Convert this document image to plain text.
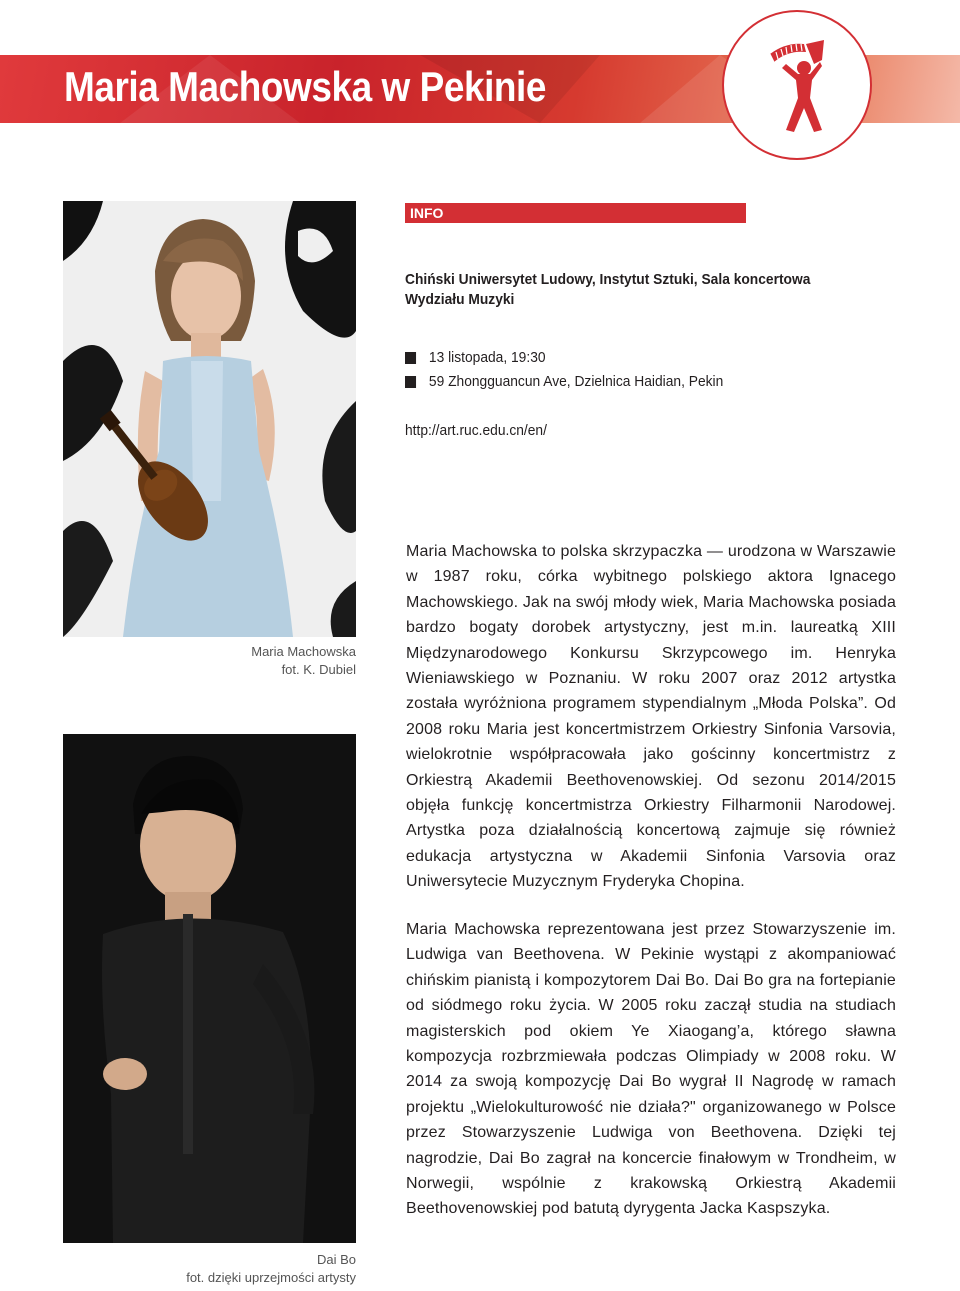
Maria Machowska w Pekinie
INFO
Chiński Uniwersytet Ludowy, Instytut Sztuki, Sala koncertowa Wydziału Muzyki
13 listopada, 19:30
59 Zhongguancun Ave, Dzielnica Haidian, Pekin
http://art.ruc.edu.cn/en/
Maria Machowska
fot. K. Dubiel
Dai Bo
fot. dzięki uprzejmości artysty

Maria Machowska to polska skrzypaczka — urodzona w Warszawie w 1987 roku, córka wybitnego polskiego aktora Ignacego Machowskiego. Jak na swój młody wiek, Maria Machowska posiada bardzo bogaty dorobek artystyczny, jest m.in. laureatką XIII Międzynarodowego Konkursu Skrzypcowego im. Henryka Wieniawskiego w Poznaniu. W roku 2007 oraz 2012 artystka została wyróżniona programem stypendialnym „Młoda Polska”. Od 2008 roku Maria jest koncertmistrzem Orkiestry Sinfonia Varsovia, wielokrotnie współpracowała jako gościnny koncertmistrz z Orkiestrą Akademii Beethovenowskiej. Od sezonu 2014/2015 objęła funkcję koncertmistrza Orkiestry Filharmonii Narodowej. Artystka poza działalnością koncertową zajmuje się również edukacja artystyczna w Akademii Sinfonia Varsovia oraz Uniwersytecie Muzycznym Fryderyka Chopina.

Maria Machowska reprezentowana jest przez Stowarzyszenie im. Ludwiga van Beethovena. W Pekinie wystąpi z akompaniować chińskim pianistą i kompozytorem Dai Bo. Dai Bo gra na fortepianie od siódmego roku życia. W 2005 roku zaczął studia na studiach magisterskich pod okiem Ye Xiaogang’a, którego sławna kompozycja rozbrzmiewała podczas Olimpiady w 2008 roku. W 2014 za swoją kompozycję Dai Bo wygrał II Nagrodę w ramach projektu „Wielokulturowość nie działa?" organizowanego w Polsce przez Stowarzyszenie Ludwiga von Beethovena. Dzięki tej nagrodzie, Dai Bo zagrał na koncercie finałowym w Trondheim, w Norwegii, wspólnie z krakowską Orkiestrą Akademii Beethovenowskiej pod batutą dyrygenta Jacka Kaspszyka.
